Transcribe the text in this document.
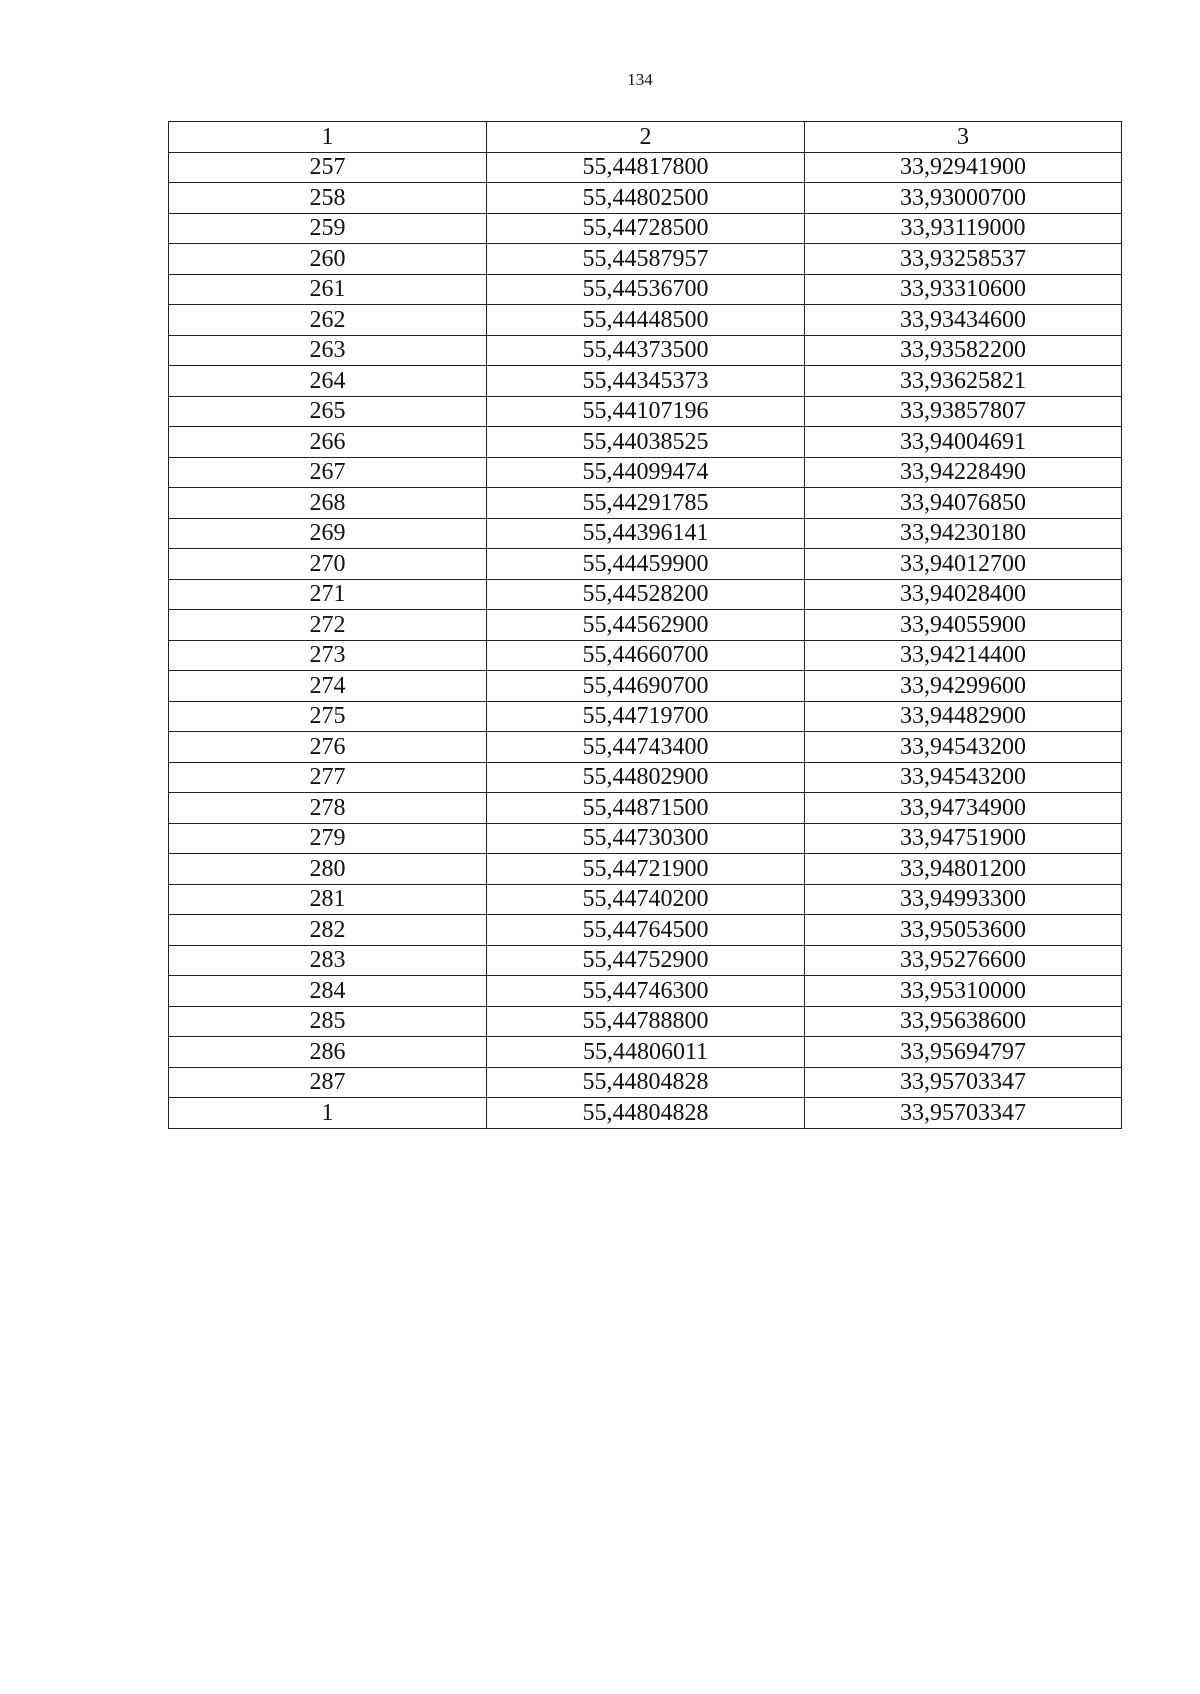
134
1	2	3
257	55,44817800	33,92941900
258	55,44802500	33,93000700
259	55,44728500	33,93119000
260	55,44587957	33,93258537
261	55,44536700	33,93310600
262	55,44448500	33,93434600
263	55,44373500	33,93582200
264	55,44345373	33,93625821
265	55,44107196	33,93857807
266	55,44038525	33,94004691
267	55,44099474	33,94228490
268	55,44291785	33,94076850
269	55,44396141	33,94230180
270	55,44459900	33,94012700
271	55,44528200	33,94028400
272	55,44562900	33,94055900
273	55,44660700	33,94214400
274	55,44690700	33,94299600
275	55,44719700	33,94482900
276	55,44743400	33,94543200
277	55,44802900	33,94543200
278	55,44871500	33,94734900
279	55,44730300	33,94751900
280	55,44721900	33,94801200
281	55,44740200	33,94993300
282	55,44764500	33,95053600
283	55,44752900	33,95276600
284	55,44746300	33,95310000
285	55,44788800	33,95638600
286	55,44806011	33,95694797
287	55,44804828	33,95703347
1	55,44804828	33,95703347
